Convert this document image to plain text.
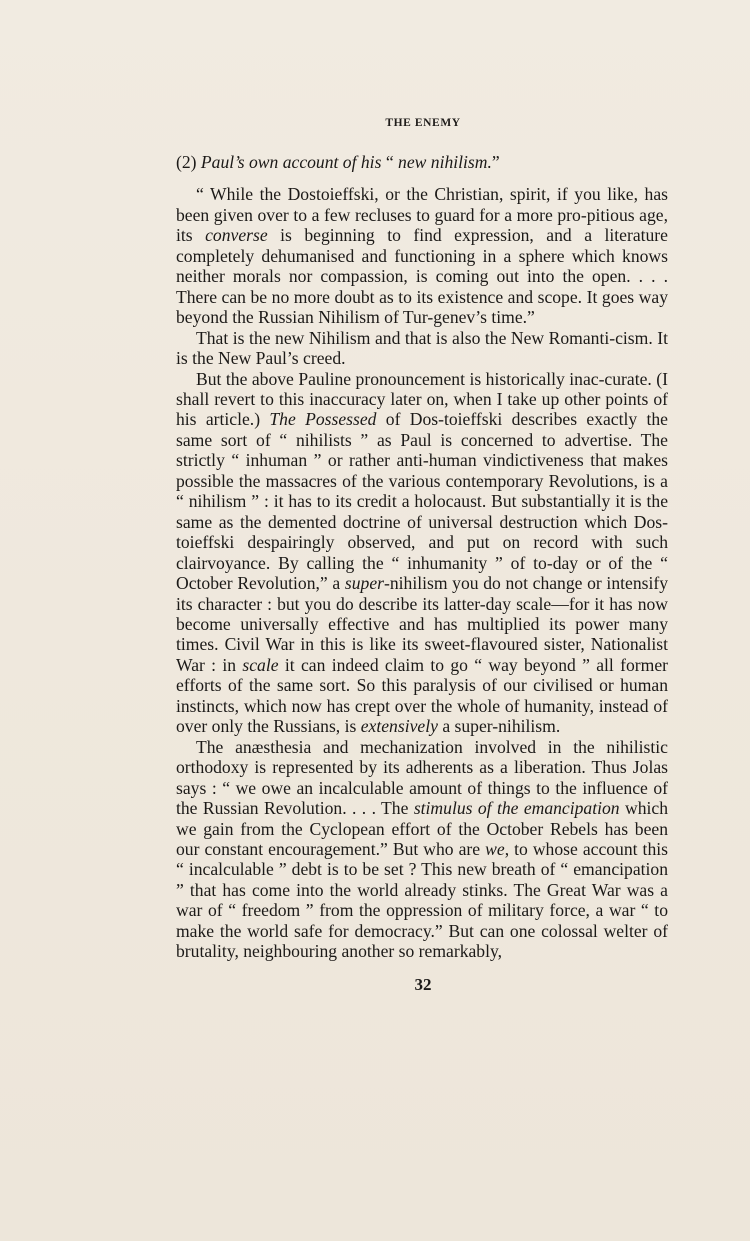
THE ENEMY

(2) Paul’s own account of his “ new nihilism.”

“ While the Dostoieffski, or the Christian, spirit, if you like, has been given over to a few recluses to guard for a more pro-pitious age, its converse is beginning to find expression, and a literature completely dehumanised and functioning in a sphere which knows neither morals nor compassion, is coming out into the open. . . . There can be no more doubt as to its existence and scope. It goes way beyond the Russian Nihilism of Tur-genev’s time.”

That is the new Nihilism and that is also the New Romanti-cism. It is the New Paul’s creed.

But the above Pauline pronouncement is historically inac-curate. (I shall revert to this inaccuracy later on, when I take up other points of his article.) The Possessed of Dos-toieffski describes exactly the same sort of “ nihilists ” as Paul is concerned to advertise. The strictly “ inhuman ” or rather anti-human vindictiveness that makes possible the massacres of the various contemporary Revolutions, is a “ nihilism ” : it has to its credit a holocaust. But substantially it is the same as the demented doctrine of universal destruction which Dos-toieffski despairingly observed, and put on record with such clairvoyance. By calling the “ inhumanity ” of to-day or of the “ October Revolution,” a super-nihilism you do not change or intensify its character : but you do describe its latter-day scale—for it has now become universally effective and has multiplied its power many times. Civil War in this is like its sweet-flavoured sister, Nationalist War : in scale it can indeed claim to go “ way beyond ” all former efforts of the same sort. So this paralysis of our civilised or human instincts, which now has crept over the whole of humanity, instead of over only the Russians, is extensively a super-nihilism.

The anæsthesia and mechanization involved in the nihilistic orthodoxy is represented by its adherents as a liberation. Thus Jolas says : “ we owe an incalculable amount of things to the influence of the Russian Revolution. . . . The stimulus of the emancipation which we gain from the Cyclopean effort of the October Rebels has been our constant encouragement.” But who are we, to whose account this “ incalculable ” debt is to be set ? This new breath of “ emancipation ” that has come into the world already stinks. The Great War was a war of “ freedom ” from the oppression of military force, a war “ to make the world safe for democracy.” But can one colossal welter of brutality, neighbouring another so remarkably,

32
